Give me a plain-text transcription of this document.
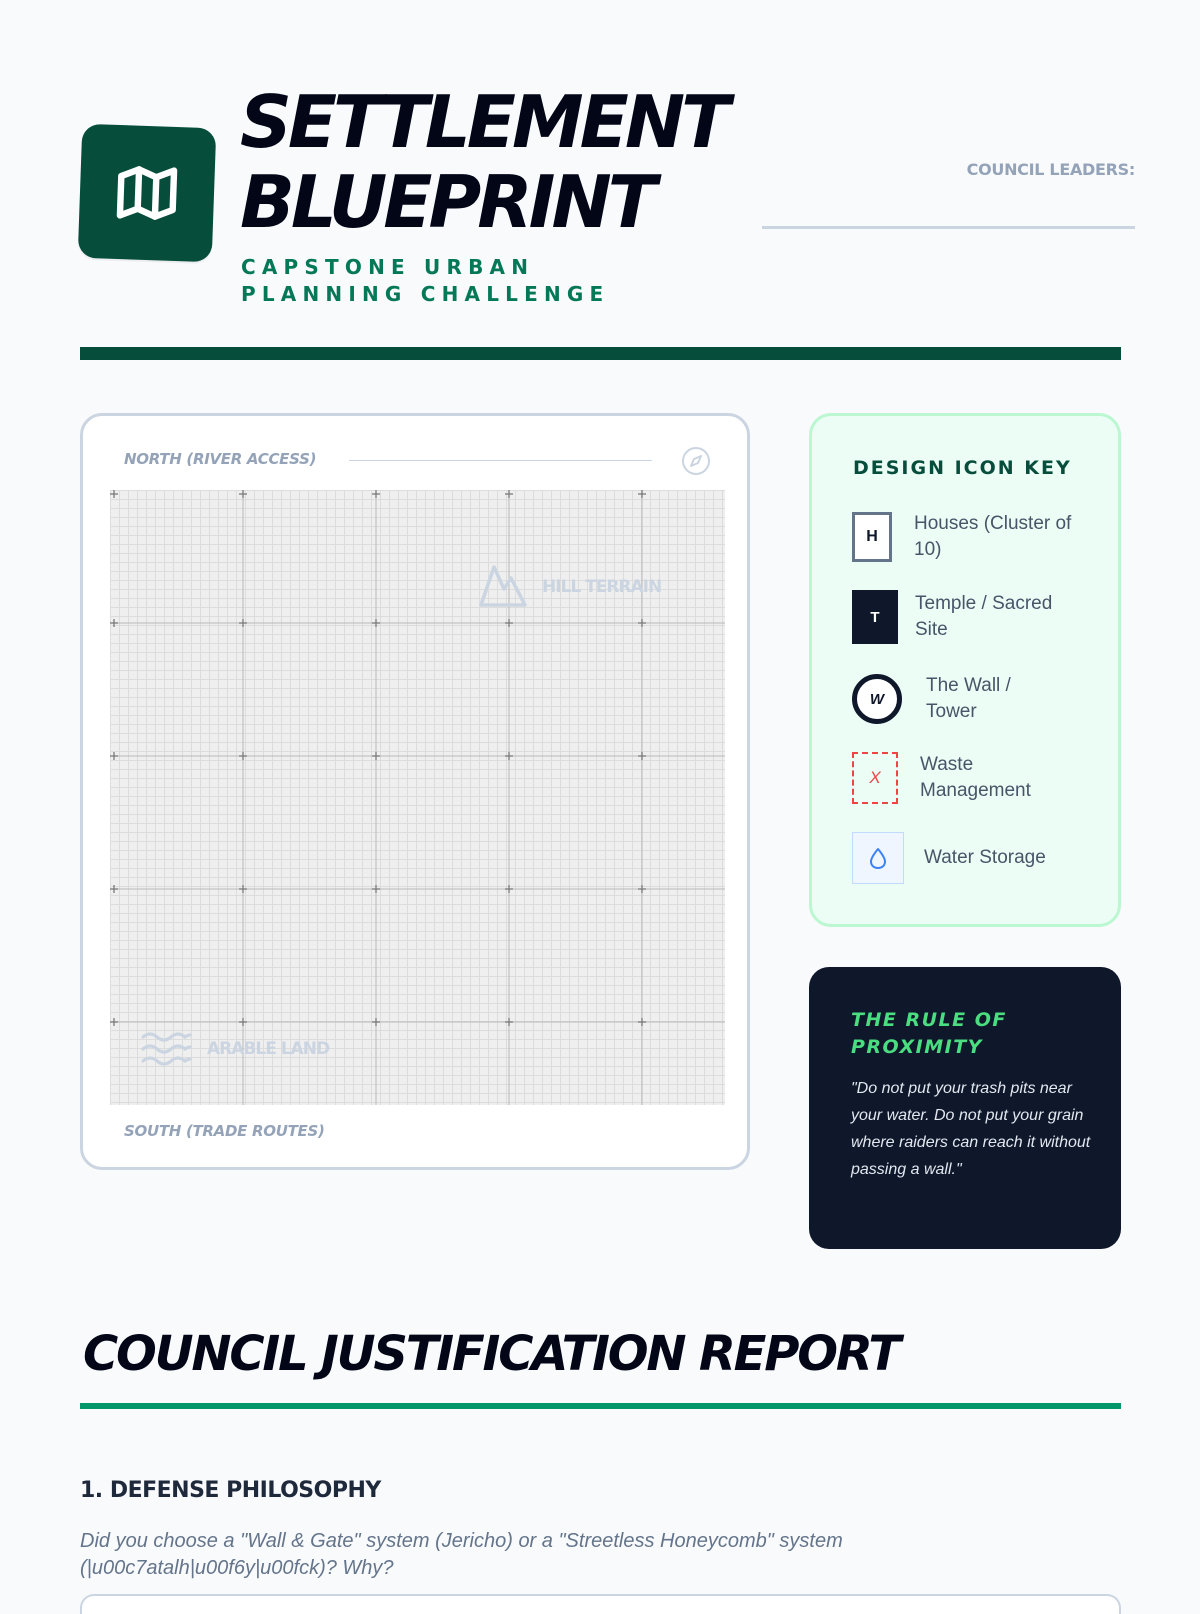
SETTLEMENT
BLUEPRINT
CAPSTONE URBAN PLANNING CHALLENGE
COUNCIL LEADERS:
NORTH (RIVER ACCESS)
HILL TERRAIN
ARABLE LAND
SOUTH (TRADE ROUTES)
DESIGN ICON KEY
H
Houses (Cluster of 10)
T
Temple / Sacred Site
W
The Wall / Tower
X
Waste Management
Water Storage
THE RULE OF PROXIMITY
"Do not put your trash pits near your water. Do not put your grain where raiders can reach it without passing a wall."
COUNCIL JUSTIFICATION REPORT
1. DEFENSE PHILOSOPHY
Did you choose a "Wall & Gate" system (Jericho) or a "Streetless Honeycomb" system (|u00c7atalh|u00f6y|u00fck)? Why?
